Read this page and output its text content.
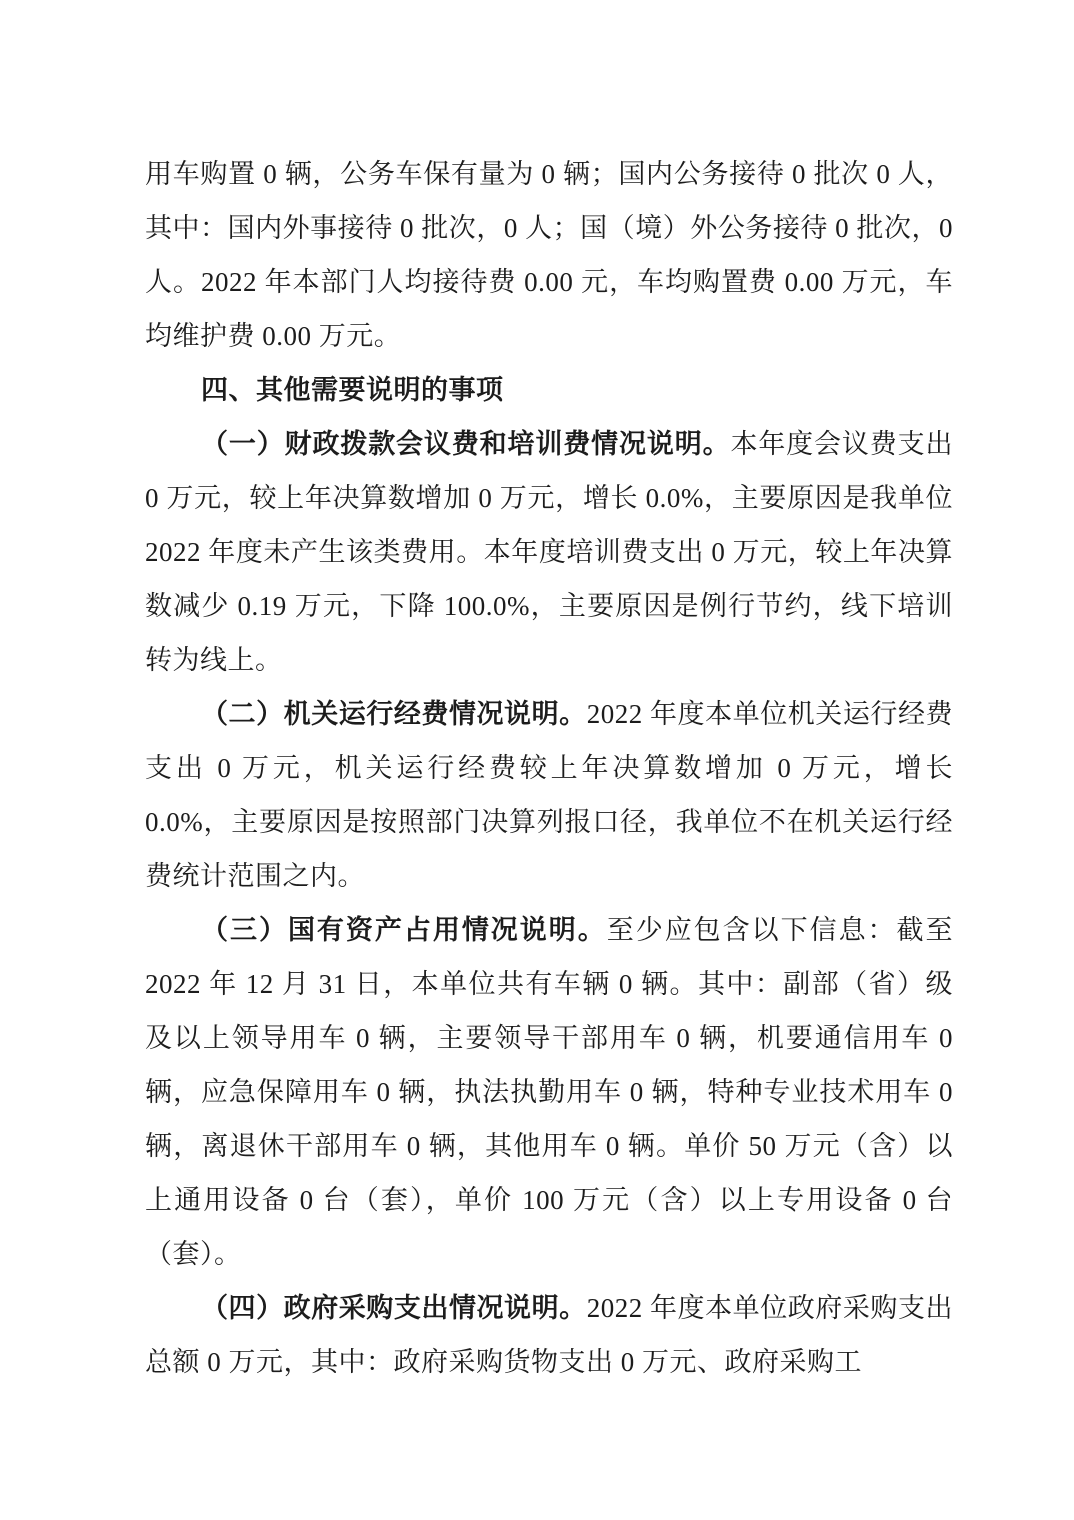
用车购置 0 辆，公务车保有量为 0 辆；国内公务接待 0 批次 0 人，其中：国内外事接待 0 批次，0 人；国（境）外公务接待 0 批次，0 人。2022 年本部门人均接待费 0.00 元，车均购置费 0.00 万元，车均维护费 0.00 万元。

四、其他需要说明的事项

（一）财政拨款会议费和培训费情况说明。本年度会议费支出 0 万元，较上年决算数增加 0 万元，增长 0.0%，主要原因是我单位 2022 年度未产生该类费用。本年度培训费支出 0 万元，较上年决算数减少 0.19 万元，下降 100.0%，主要原因是例行节约，线下培训转为线上。

（二）机关运行经费情况说明。2022 年度本单位机关运行经费支出 0 万元，机关运行经费较上年决算数增加 0 万元，增长 0.0%，主要原因是按照部门决算列报口径，我单位不在机关运行经费统计范围之内。

（三）国有资产占用情况说明。至少应包含以下信息：截至 2022 年 12 月 31 日，本单位共有车辆 0 辆。其中：副部（省）级及以上领导用车 0 辆，主要领导干部用车 0 辆，机要通信用车 0 辆，应急保障用车 0 辆，执法执勤用车 0 辆，特种专业技术用车 0 辆，离退休干部用车 0 辆，其他用车 0 辆。单价 50 万元（含）以上通用设备 0 台（套），单价 100 万元（含）以上专用设备 0 台（套）。

（四）政府采购支出情况说明。2022 年度本单位政府采购支出总额 0 万元，其中：政府采购货物支出 0 万元、政府采购工
